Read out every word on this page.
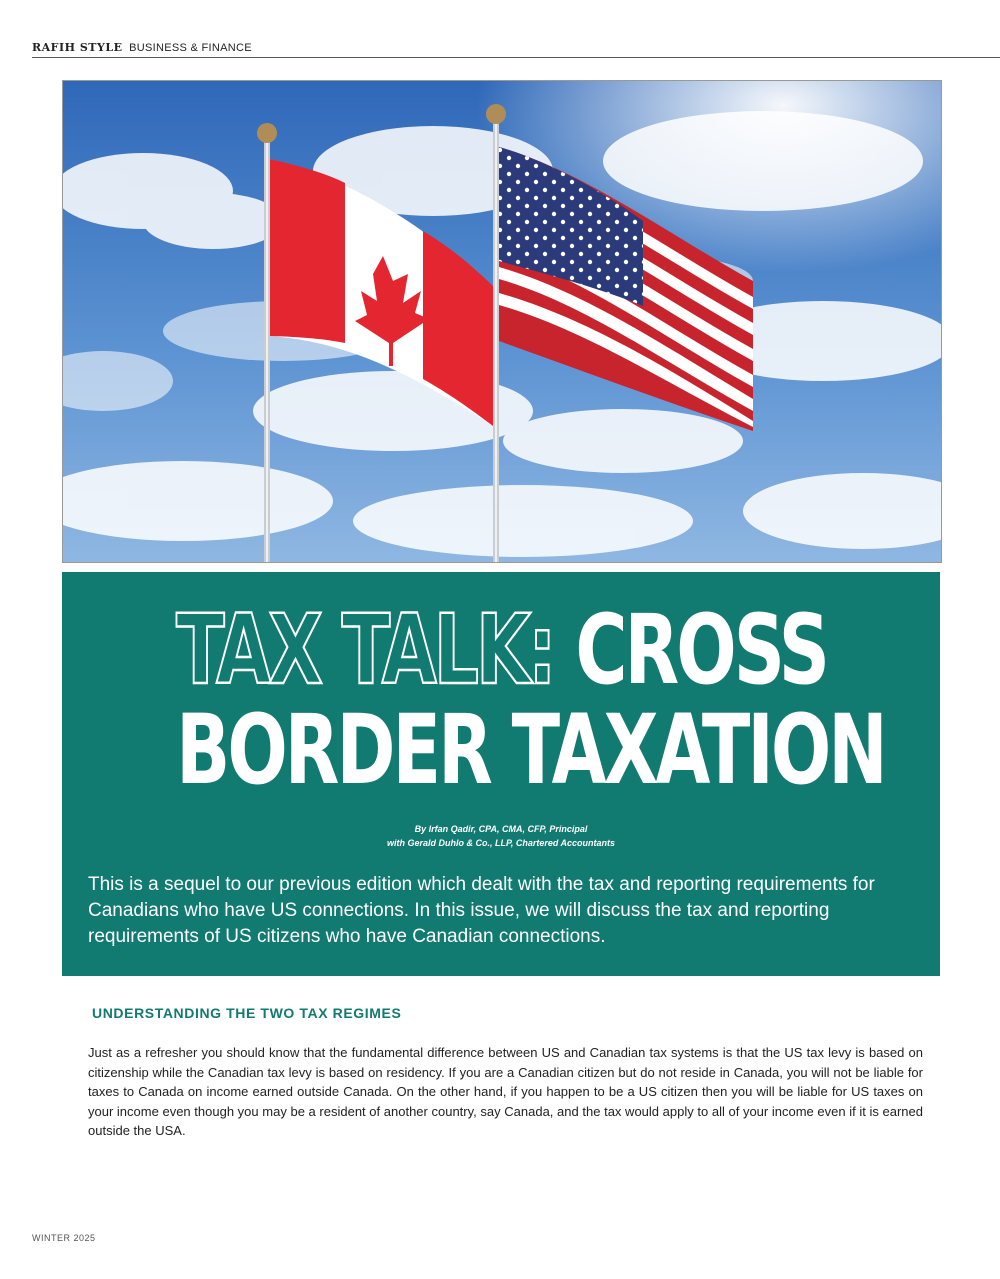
RAFIH STYLE BUSINESS & FINANCE
TAX TALK: CROSS
BORDER TAXATION
By Irfan Qadir, CPA, CMA, CFP, Principal
with Gerald Duhlo & Co., LLP, Chartered Accountants
This is a sequel to our previous edition which dealt with the tax and reporting requirements for Canadians who have US connections. In this issue, we will discuss the tax and reporting requirements of US citizens who have Canadian connections.
UNDERSTANDING THE TWO TAX REGIMES
Just as a refresher you should know that the fundamental difference between US and Canadian tax systems is that the US tax levy is based on citizenship while the Canadian tax levy is based on residency. If you are a Canadian citizen but do not reside in Canada, you will not be liable for taxes to Canada on income earned outside Canada. On the other hand, if you happen to be a US citizen then you will be liable for US taxes on your income even though you may be a resident of another country, say Canada, and the tax would apply to all of your income even if it is earned outside the USA.
WINTER 2025
